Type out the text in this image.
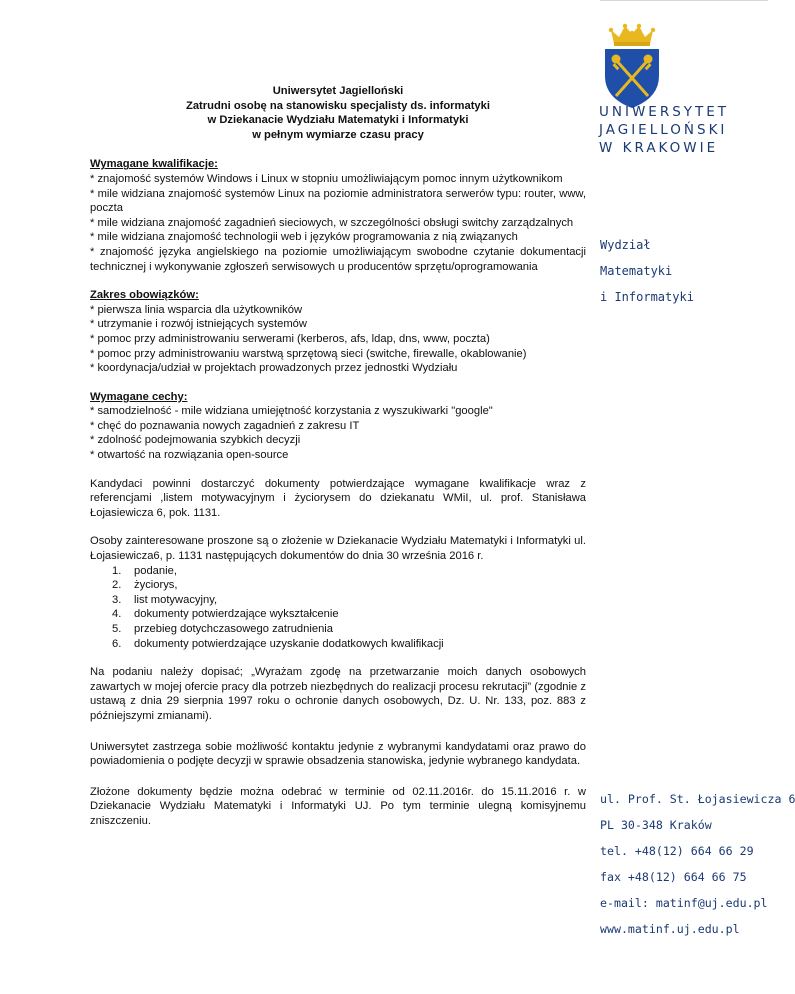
Uniwersytet Jagielloński
Zatrudni osobę na stanowisku specjalisty ds. informatyki
w Dziekanacie Wydziału Matematyki i Informatyki
w pełnym wymiarze czasu pracy
Wymagane kwalifikacje:
* znajomość systemów Windows i Linux w stopniu umożliwiającym pomoc innym użytkownikom
* mile widziana znajomość systemów Linux na poziomie administratora serwerów typu: router, www, poczta
* mile widziana znajomość zagadnień sieciowych, w szczególności obsługi switchy zarządzalnych
* mile widziana znajomość technologii web i języków programowania z nią związanych
* znajomość języka angielskiego na poziomie umożliwiającym swobodne czytanie dokumentacji technicznej i wykonywanie zgłoszeń serwisowych u producentów sprzętu/oprogramowania
Zakres obowiązków:
* pierwsza linia wsparcia dla użytkowników
* utrzymanie i rozwój istniejących systemów
* pomoc przy administrowaniu serwerami (kerberos, afs, ldap, dns, www, poczta)
* pomoc przy administrowaniu warstwą sprzętową sieci (switche, firewalle, okablowanie)
* koordynacja/udział w projektach prowadzonych przez jednostki Wydziału
Wymagane cechy:
* samodzielność - mile widziana umiejętność korzystania z wyszukiwarki "google"
* chęć do poznawania nowych zagadnień z zakresu IT
* zdolność podejmowania szybkich decyzji
* otwartość na rozwiązania open-source
Kandydaci powinni dostarczyć dokumenty potwierdzające wymagane kwalifikacje wraz z referencjami ,listem motywacyjnym i życiorysem do dziekanatu WMiI, ul. prof. Stanisława Łojasiewicza 6, pok. 1131.
Osoby zainteresowane proszone są o złożenie w Dziekanacie Wydziału Matematyki i Informatyki ul. Łojasiewicza6, p. 1131 następujących dokumentów do dnia 30 września 2016 r.
1.	podanie,
2.	życiorys,
3.	list motywacyjny,
4.	dokumenty potwierdzające wykształcenie
5.	przebieg dotychczasowego zatrudnienia
6.	dokumenty potwierdzające uzyskanie dodatkowych kwalifikacji
Na podaniu należy dopisać; „Wyrażam zgodę na przetwarzanie moich danych osobowych zawartych w mojej ofercie pracy dla potrzeb niezbędnych do realizacji procesu rekrutacji” (zgodnie z ustawą z dnia 29 sierpnia 1997 roku o ochronie danych osobowych, Dz. U. Nr. 133, poz. 883 z późniejszymi zmianami).
Uniwersytet zastrzega sobie możliwość kontaktu jedynie z wybranymi kandydatami oraz prawo do powiadomienia o podjęte decyzji w sprawie obsadzenia stanowiska, jedynie wybranego kandydata.
Złożone dokumenty będzie można odebrać w terminie od 02.11.2016r. do 15.11.2016 r. w Dziekanacie Wydziału Matematyki i Informatyki UJ. Po tym terminie ulegną komisyjnemu zniszczeniu.
UNIWERSYTET
JAGIELLOŃSKI
W KRAKOWIE
Wydział
Matematyki
i Informatyki
ul. Prof. St. Łojasiewicza 6
PL 30-348 Kraków
tel. +48(12) 664 66 29
fax +48(12) 664 66 75
e-mail: matinf@uj.edu.pl
www.matinf.uj.edu.pl
